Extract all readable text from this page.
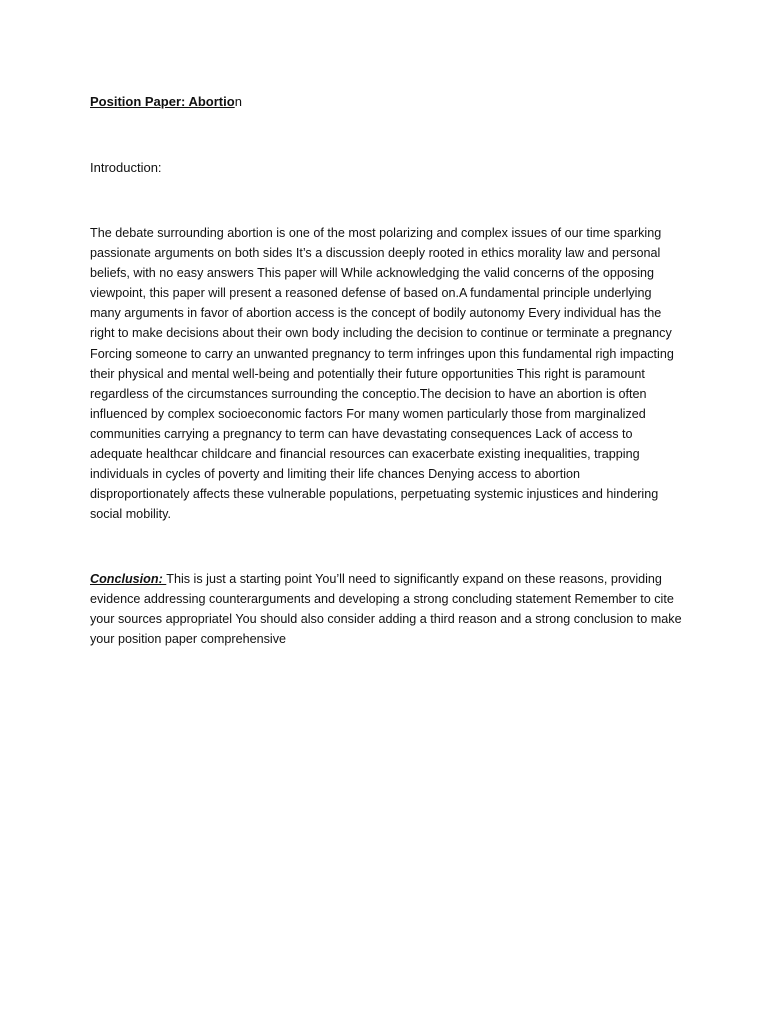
Position Paper: Abortion
Introduction:

The debate surrounding abortion is one of the most polarizing and complex issues of our time sparking passionate arguments on both sides It’s a discussion deeply rooted in ethics morality law and personal beliefs, with no easy answers This paper will While acknowledging the valid concerns of the opposing viewpoint, this paper will present a reasoned defense of based on.A fundamental principle underlying many arguments in favor of abortion access is the concept of bodily autonomy Every individual has the right to make decisions about their own body including the decision to continue or terminate a pregnancy Forcing someone to carry an unwanted pregnancy to term infringes upon this fundamental righ impacting their physical and mental well-being and potentially their future opportunities This right is paramount regardless of the circumstances surrounding the conceptio.The decision to have an abortion is often influenced by complex socioeconomic factors For many women particularly those from marginalized communities carrying a pregnancy to term can have devastating consequences Lack of access to adequate healthcar childcare and financial resources can exacerbate existing inequalities, trapping individuals in cycles of poverty and limiting their life chances Denying access to abortion disproportionately affects these vulnerable populations, perpetuating systemic injustices and hindering social mobility.

Conclusion: This is just a starting point You’ll need to significantly expand on these reasons, providing evidence addressing counterarguments and developing a strong concluding statement Remember to cite your sources appropriatel You should also consider adding a third reason and a strong conclusion to make your position paper comprehensive
